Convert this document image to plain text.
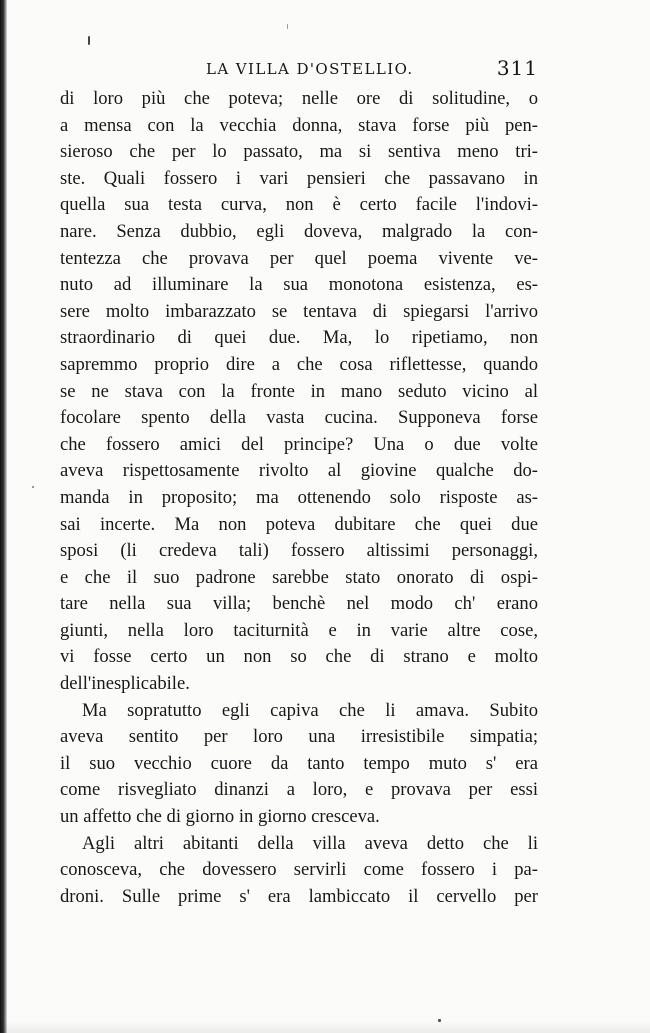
LA VILLA D'OSTELLIO.	311
di loro più che poteva; nelle ore di solitudine, o
a mensa con la vecchia donna, stava forse più pen-
sieroso che per lo passato, ma si sentiva meno tri-
ste. Quali fossero i vari pensieri che passavano in
quella sua testa curva, non è certo facile l'indovi-
nare. Senza dubbio, egli doveva, malgrado la con-
tentezza che provava per quel poema vivente ve-
nuto ad illuminare la sua monotona esistenza, es-
sere molto imbarazzato se tentava di spiegarsi l'arrivo
straordinario di quei due. Ma, lo ripetiamo, non
sapremmo proprio dire a che cosa riflettesse, quando
se ne stava con la fronte in mano seduto vicino al
focolare spento della vasta cucina. Supponeva forse
che fossero amici del principe? Una o due volte
aveva rispettosamente rivolto al giovine qualche do-
manda in proposito; ma ottenendo solo risposte as-
sai incerte. Ma non poteva dubitare che quei due
sposi (li credeva tali) fossero altissimi personaggi,
e che il suo padrone sarebbe stato onorato di ospi-
tare nella sua villa; benchè nel modo ch' erano
giunti, nella loro taciturnità e in varie altre cose,
vi fosse certo un non so che di strano e molto
dell'inesplicabile.
Ma sopratutto egli capiva che li amava. Subito
aveva sentito per loro una irresistibile simpatia;
il suo vecchio cuore da tanto tempo muto s' era
come risvegliato dinanzi a loro, e provava per essi
un affetto che di giorno in giorno cresceva.
Agli altri abitanti della villa aveva detto che li
conosceva, che dovessero servirli come fossero i pa-
droni. Sulle prime s' era lambiccato il cervello per
